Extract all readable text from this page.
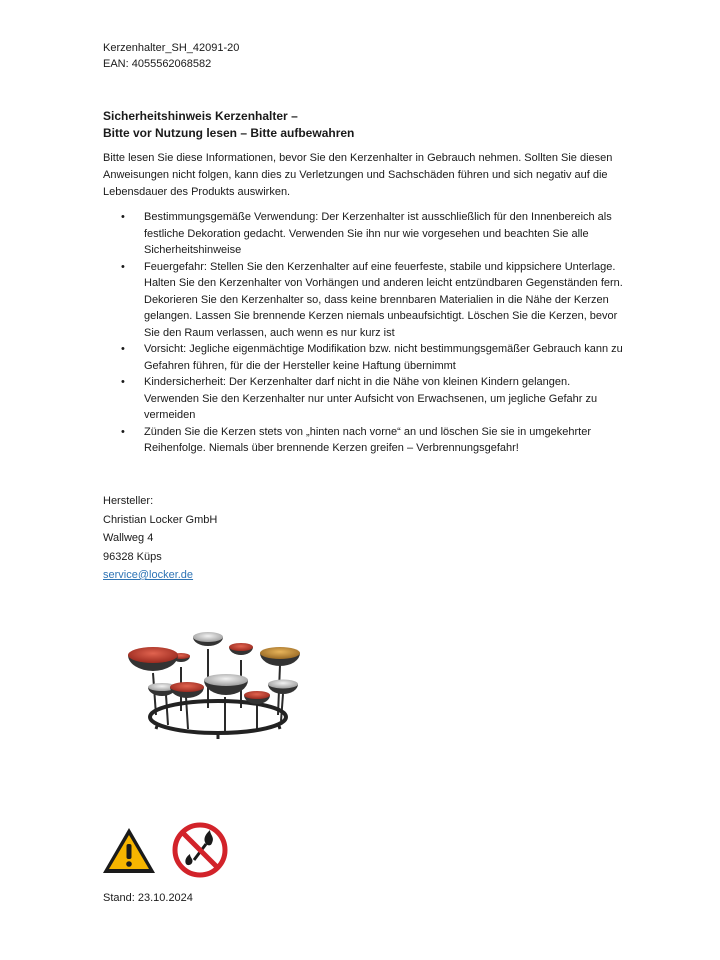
Kerzenhalter_SH_42091-20
EAN: 4055562068582
Sicherheitshinweis Kerzenhalter –
Bitte vor Nutzung lesen – Bitte aufbewahren
Bitte lesen Sie diese Informationen, bevor Sie den Kerzenhalter in Gebrauch nehmen. Sollten Sie diesen Anweisungen nicht folgen, kann dies zu Verletzungen und Sachschäden führen und sich negativ auf die Lebensdauer des Produkts auswirken.
• Bestimmungsgemäße Verwendung: Der Kerzenhalter ist ausschließlich für den Innenbereich als festliche Dekoration gedacht. Verwenden Sie ihn nur wie vorgesehen und beachten Sie alle Sicherheitshinweise
• Feuergefahr: Stellen Sie den Kerzenhalter auf eine feuerfeste, stabile und kippsichere Unterlage. Halten Sie den Kerzenhalter von Vorhängen und anderen leicht entzündbaren Gegenständen fern. Dekorieren Sie den Kerzenhalter so, dass keine brennbaren Materialien in die Nähe der Kerzen gelangen. Lassen Sie brennende Kerzen niemals unbeaufsichtigt. Löschen Sie die Kerzen, bevor Sie den Raum verlassen, auch wenn es nur kurz ist
• Vorsicht: Jegliche eigenmächtige Modifikation bzw. nicht bestimmungsgemäßer Gebrauch kann zu Gefahren führen, für die der Hersteller keine Haftung übernimmt
• Kindersicherheit: Der Kerzenhalter darf nicht in die Nähe von kleinen Kindern gelangen. Verwenden Sie den Kerzenhalter nur unter Aufsicht von Erwachsenen, um jegliche Gefahr zu vermeiden
• Zünden Sie die Kerzen stets von „hinten nach vorne“ an und löschen Sie sie in umgekehrter Reihenfolge. Niemals über brennende Kerzen greifen – Verbrennungsgefahr!
Hersteller:
Christian Locker GmbH
Wallweg 4
96328 Küps
service@locker.de
Stand: 23.10.2024
